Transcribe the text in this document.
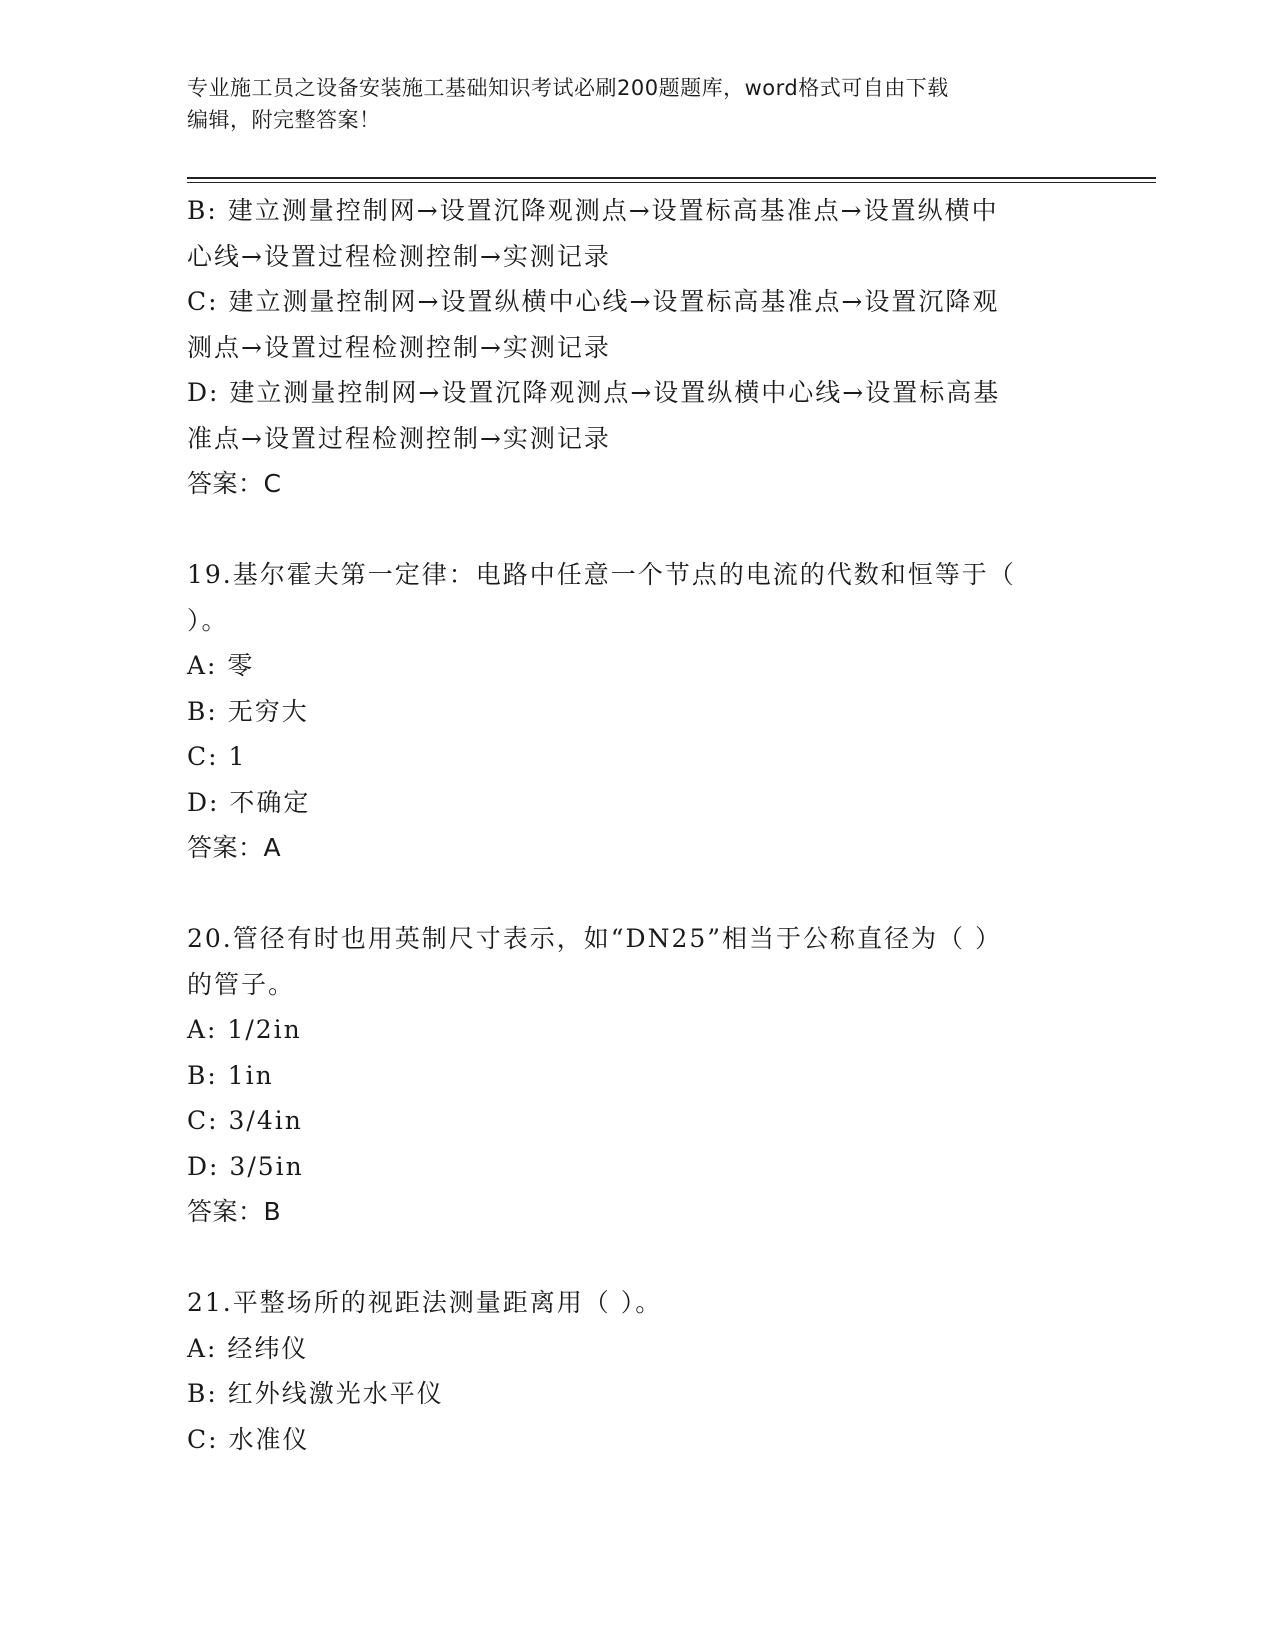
专业施工员之设备安装施工基础知识考试必刷200题题库，word格式可自由下载
编辑，附完整答案！
B: 建立测量控制网→设置沉降观测点→设置标高基准点→设置纵横中
心线→设置过程检测控制→实测记录
C: 建立测量控制网→设置纵横中心线→设置标高基准点→设置沉降观
测点→设置过程检测控制→实测记录
D: 建立测量控制网→设置沉降观测点→设置纵横中心线→设置标高基
准点→设置过程检测控制→实测记录
答案：C
19.基尔霍夫第一定律：电路中任意一个节点的电流的代数和恒等于（
）。
A: 零
B: 无穷大
C: 1
D: 不确定
答案：A
20.管径有时也用英制尺寸表示，如“DN25”相当于公称直径为（ ）
的管子。
A: 1/2in
B: 1in
C: 3/4in
D: 3/5in
答案：B
21.平整场所的视距法测量距离用（ ）。
A: 经纬仪
B: 红外线激光水平仪
C: 水准仪
